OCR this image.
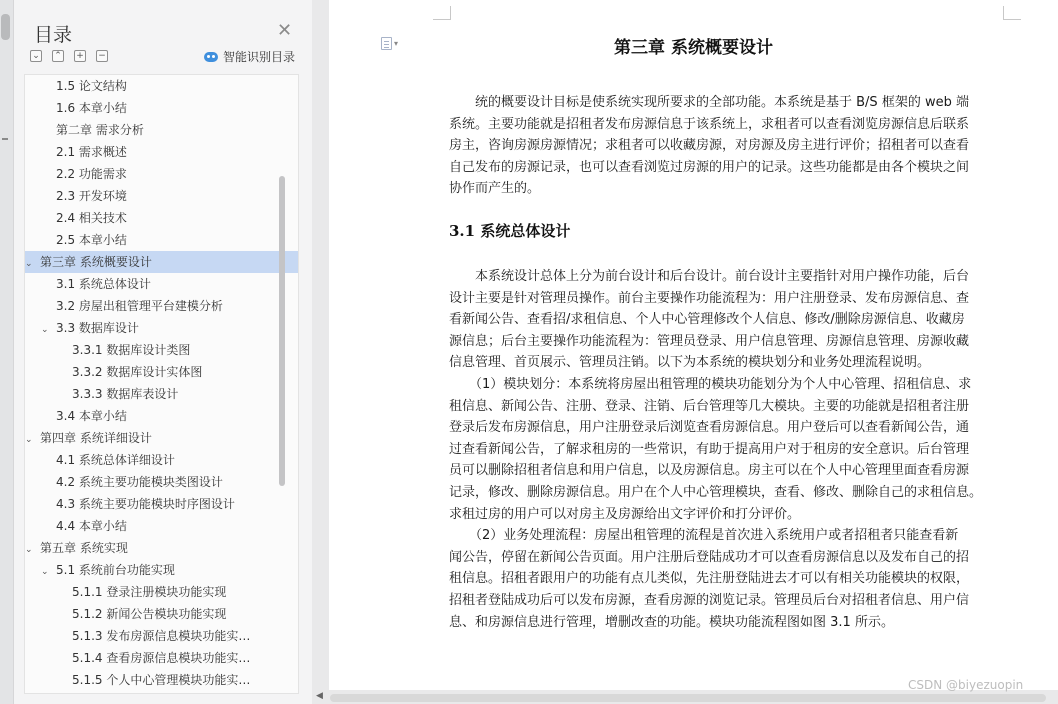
目录	✕
⌄ ⌃ + −	智能识别目录
1.5 论文结构
1.6 本章小结
第二章 需求分析
2.1 需求概述
2.2 功能需求
2.3 开发环境
2.4 相关技术
2.5 本章小结
⌄ 第三章 系统概要设计
3.1 系统总体设计
3.2 房屋出租管理平台建模分析
⌄ 3.3 数据库设计
3.3.1 数据库设计类图
3.3.2 数据库设计实体图
3.3.3 数据库表设计
3.4 本章小结
⌄ 第四章 系统详细设计
4.1 系统总体详细设计
4.2 系统主要功能模块类图设计
4.3 系统主要功能模块时序图设计
4.4 本章小结
⌄ 第五章 系统实现
⌄ 5.1 系统前台功能实现
5.1.1 登录注册模块功能实现
5.1.2 新闻公告模块功能实现
5.1.3 发布房源信息模块功能实…
5.1.4 查看房源信息模块功能实…
5.1.5 个人中心管理模块功能实…
▾	第三章 系统概要设计
统的概要设计目标是使系统实现所要求的全部功能。本系统是基于 B/S 框架的 web 端
系统。主要功能就是招租者发布房源信息于该系统上，求租者可以查看浏览房源信息后联系
房主，咨询房源房源情况；求租者可以收藏房源，对房源及房主进行评价；招租者可以查看
自己发布的房源记录，也可以查看浏览过房源的用户的记录。这些功能都是由各个模块之间
协作而产生的。
3.1 系统总体设计
本系统设计总体上分为前台设计和后台设计。前台设计主要指针对用户操作功能，后台
设计主要是针对管理员操作。前台主要操作功能流程为：用户注册登录、发布房源信息、查
看新闻公告、查看招/求租信息、个人中心管理修改个人信息、修改/删除房源信息、收藏房
源信息；后台主要操作功能流程为：管理员登录、用户信息管理、房源信息管理、房源收藏
信息管理、首页展示、管理员注销。以下为本系统的模块划分和业务处理流程说明。
（1）模块划分：本系统将房屋出租管理的模块功能划分为个人中心管理、招租信息、求
租信息、新闻公告、注册、登录、注销、后台管理等几大模块。主要的功能就是招租者注册
登录后发布房源信息，用户注册登录后浏览查看房源信息。用户登后可以查看新闻公告，通
过查看新闻公告，了解求租房的一些常识，有助于提高用户对于租房的安全意识。后台管理
员可以删除招租者信息和用户信息，以及房源信息。房主可以在个人中心管理里面查看房源
记录，修改、删除房源信息。用户在个人中心管理模块，查看、修改、删除自己的求租信息。
求租过房的用户可以对房主及房源给出文字评价和打分评价。
（2）业务处理流程：房屋出租管理的流程是首次进入系统用户或者招租者只能查看新
闻公告，停留在新闻公告页面。用户注册后登陆成功才可以查看房源信息以及发布自己的招
租信息。招租者跟用户的功能有点儿类似，先注册登陆进去才可以有相关功能模块的权限，
招租者登陆成功后可以发布房源，查看房源的浏览记录。管理员后台对招租者信息、用户信
息、和房源信息进行管理，增删改查的功能。模块功能流程图如图 3.1 所示。
◀
CSDN @biyezuopin
